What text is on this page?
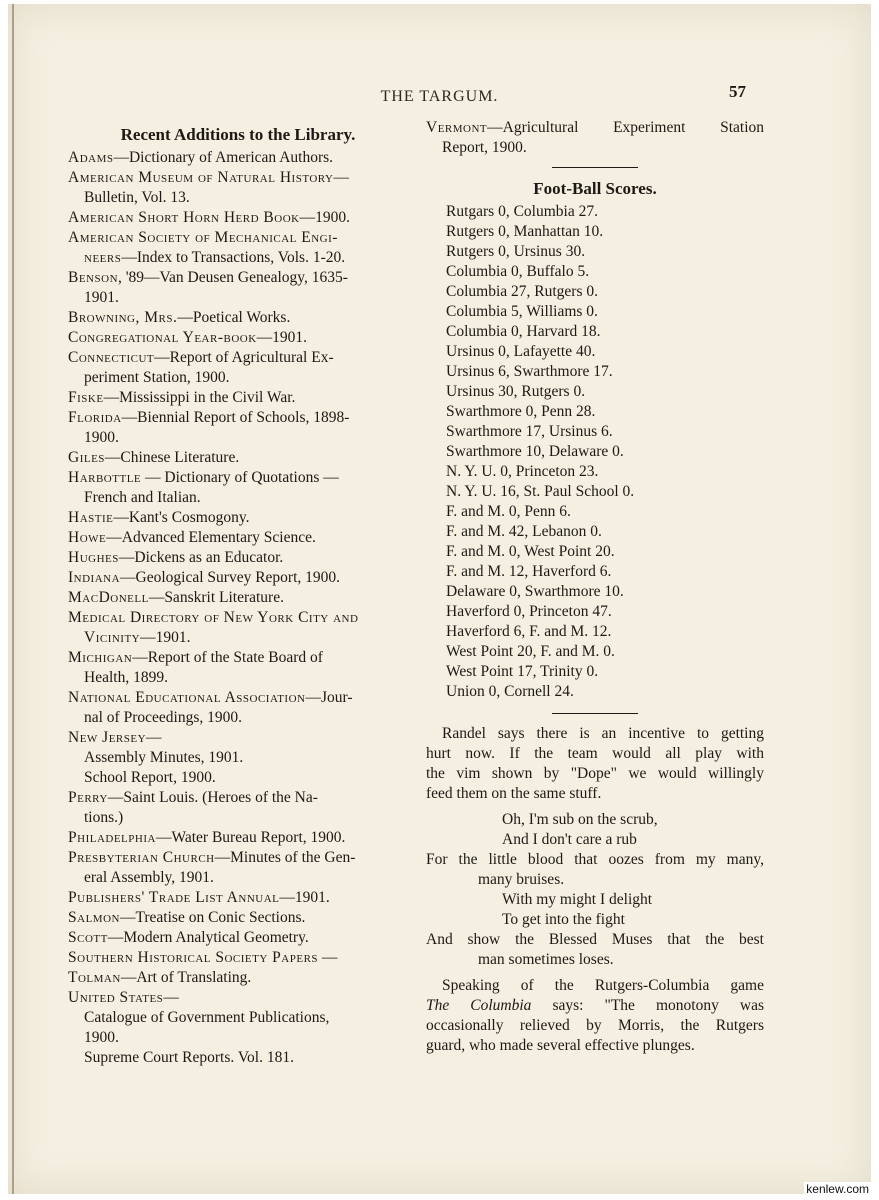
THE TARGUM.	57
Recent Additions to the Library.
Adams—Dictionary of American Authors.
American Museum of Natural History—
Bulletin, Vol. 13.
American Short Horn Herd Book—1900.
American Society of Mechanical Engi-
neers—Index to Transactions, Vols. 1-20.
Benson, '89—Van Deusen Genealogy, 1635-
1901.
Browning, Mrs.—Poetical Works.
Congregational Year-book—1901.
Connecticut—Report of Agricultural Ex-
periment Station, 1900.
Fiske—Mississippi in the Civil War.
Florida—Biennial Report of Schools, 1898-
1900.
Giles—Chinese Literature.
Harbottle — Dictionary of Quotations —
French and Italian.
Hastie—Kant's Cosmogony.
Howe—Advanced Elementary Science.
Hughes—Dickens as an Educator.
Indiana—Geological Survey Report, 1900.
MacDonell—Sanskrit Literature.
Medical Directory of New York City and
Vicinity—1901.
Michigan—Report of the State Board of
Health, 1899.
National Educational Association—Jour-
nal of Proceedings, 1900.
New Jersey—
Assembly Minutes, 1901.
School Report, 1900.
Perry—Saint Louis. (Heroes of the Na-
tions.)
Philadelphia—Water Bureau Report, 1900.
Presbyterian Church—Minutes of the Gen-
eral Assembly, 1901.
Publishers' Trade List Annual—1901.
Salmon—Treatise on Conic Sections.
Scott—Modern Analytical Geometry.
Southern Historical Society Papers —
Tolman—Art of Translating.
United States—
Catalogue of Government Publications,
1900.
Supreme Court Reports. Vol. 181.
Vermont—Agricultural Experiment Station
Report, 1900.
Foot-Ball Scores.
Rutgars 0, Columbia 27.
Rutgers 0, Manhattan 10.
Rutgers 0, Ursinus 30.
Columbia 0, Buffalo 5.
Columbia 27, Rutgers 0.
Columbia 5, Williams 0.
Columbia 0, Harvard 18.
Ursinus 0, Lafayette 40.
Ursinus 6, Swarthmore 17.
Ursinus 30, Rutgers 0.
Swarthmore 0, Penn 28.
Swarthmore 17, Ursinus 6.
Swarthmore 10, Delaware 0.
N. Y. U. 0, Princeton 23.
N. Y. U. 16, St. Paul School 0.
F. and M. 0, Penn 6.
F. and M. 42, Lebanon 0.
F. and M. 0, West Point 20.
F. and M. 12, Haverford 6.
Delaware 0, Swarthmore 10.
Haverford 0, Princeton 47.
Haverford 6, F. and M. 12.
West Point 20, F. and M. 0.
West Point 17, Trinity 0.
Union 0, Cornell 24.
Randel says there is an incentive to getting
hurt now. If the team would all play with
the vim shown by "Dope" we would willingly
feed them on the same stuff.
Oh, I'm sub on the scrub,
And I don't care a rub
For the little blood that oozes from my many,
many bruises.
With my might I delight
To get into the fight
And show the Blessed Muses that the best
man sometimes loses.
Speaking of the Rutgers-Columbia game
The Columbia says: "The monotony was
occasionally relieved by Morris, the Rutgers
guard, who made several effective plunges.
kenlew.com
